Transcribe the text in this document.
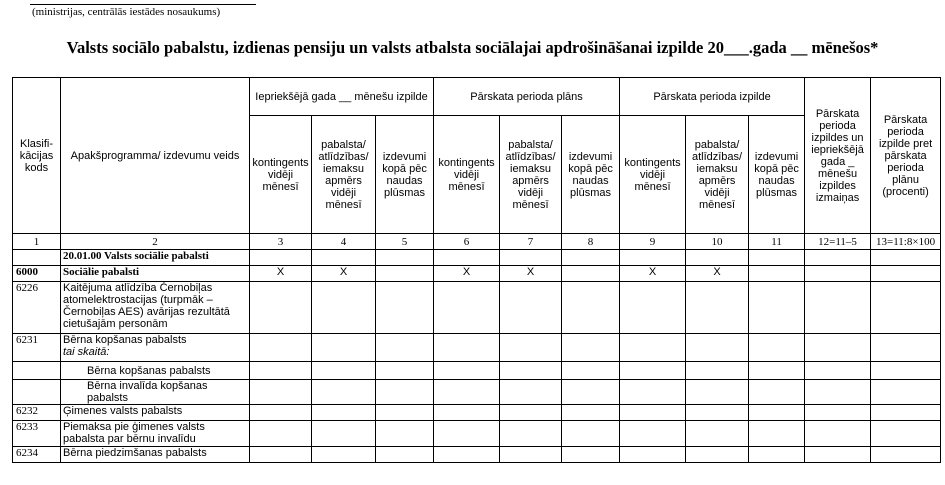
(ministrijas, centrālās iestādes nosaukums)
Valsts sociālo pabalstu, izdienas pensiju un valsts atbalsta sociālajai apdrošināšanai izpilde 20___.gada __ mēnešos*
Klasifi-kācijas kods	Apakšprogramma/ izdevumu veids	Iepriekšējā gada __ mēnešu izpilde			Pārskata perioda plāns			Pārskata perioda izpilde			Pārskata perioda izpildes un iepriekšējā gada _ mēnešu izpildes izmaiņas	Pārskata perioda izpilde pret pārskata perioda plānu (procenti)
		kontingents vidēji mēnesī	pabalsta/ atlīdzības/ iemaksu apmērs vidēji mēnesī	izdevumi kopā pēc naudas plūsmas	kontingents vidēji mēnesī	pabalsta/ atlīdzības/ iemaksu apmērs vidēji mēnesī	izdevumi kopā pēc naudas plūsmas	kontingents vidēji mēnesī	pabalsta/ atlīdzības/ iemaksu apmērs vidēji mēnesī	izdevumi kopā pēc naudas plūsmas		
1	2	3	4	5	6	7	8	9	10	11	12=11–5	13=11:8×100
	20.01.00 Valsts sociālie pabalsti											
6000	Sociālie pabalsti	X	X		X	X		X	X			
6226	Kaitējuma atlīdzība Černobiļas atomelektrostacijas (turpmāk – Černobiļas AES) avārijas rezultātā cietušajām personām											
6231	Bērna kopšanas pabalsts
tai skaitā:											

	Bērna kopšanas pabalsts											
	Bērna invalīda kopšanas pabalsts											
6232	Ģimenes valsts pabalsts											
6233	Piemaksa pie ģimenes valsts pabalsta par bērnu invalīdu											
6234	Bērna piedzimšanas pabalsts											
